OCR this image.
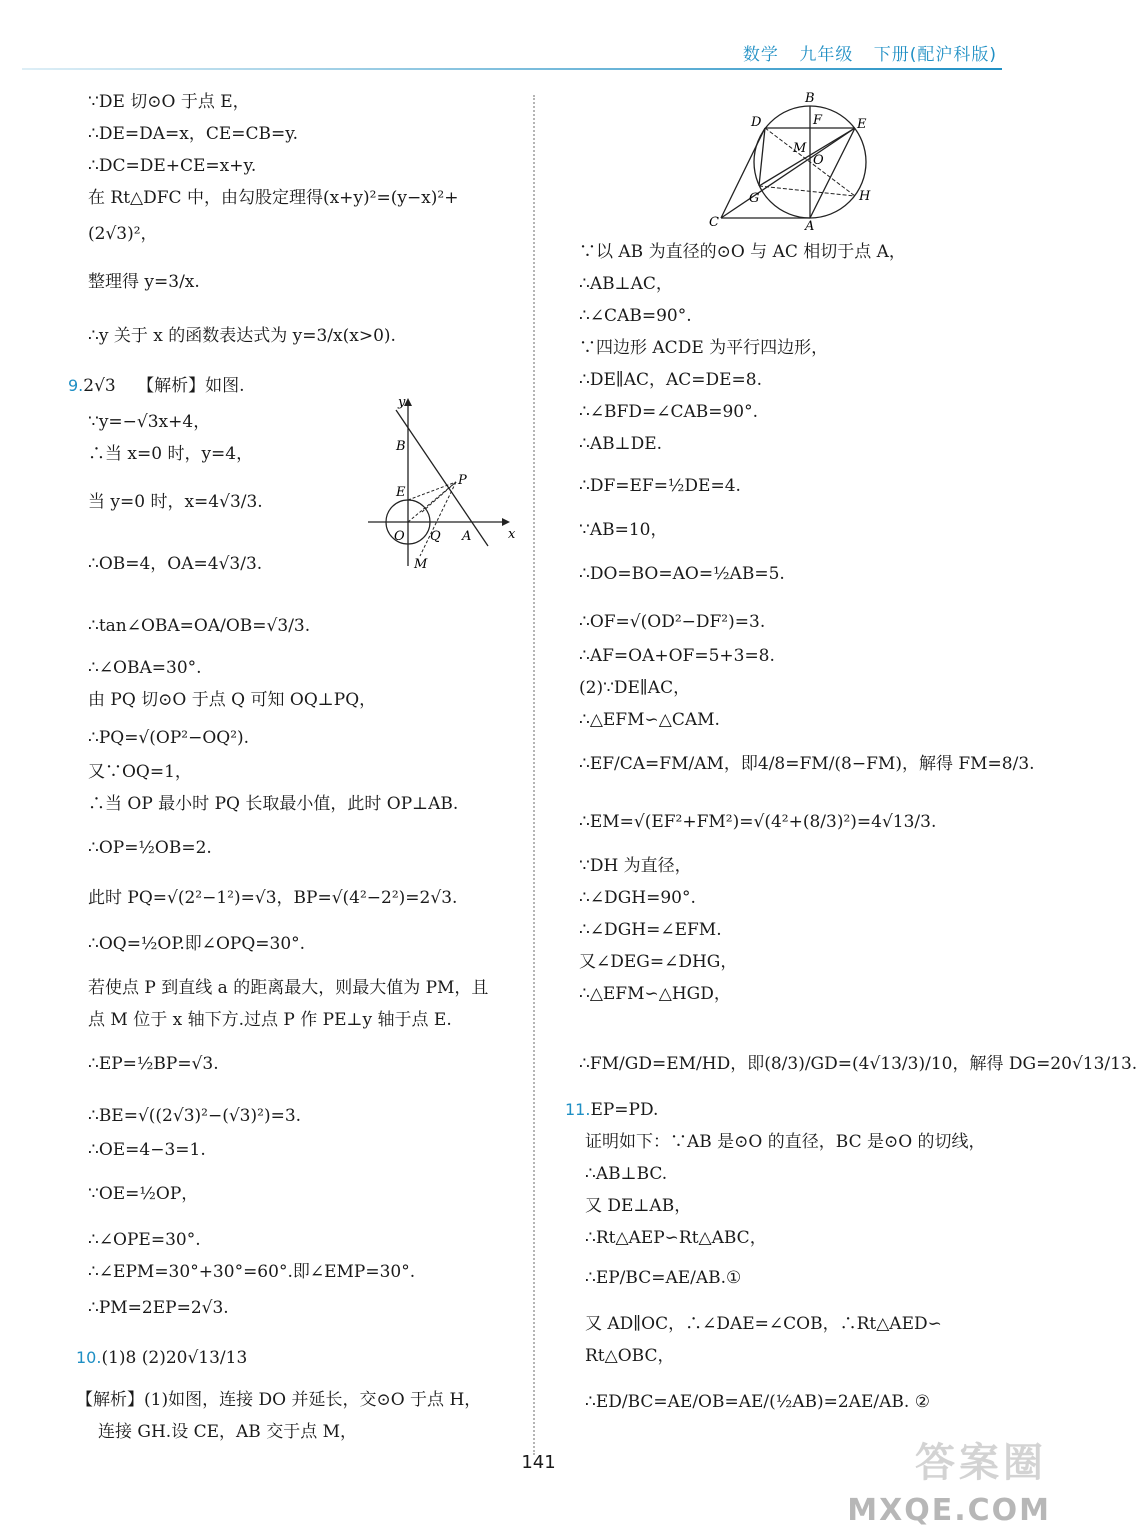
数学 九年级 下册(配沪科版)
∵DE 切⊙O 于点 E，
∴DE=DA=x，CE=CB=y.
∴DC=DE+CE=x+y.
在 Rt△DFC 中，由勾股定理得(x+y)²=(y−x)²+
(2√3)²，
整理得 y=3/x.
∴y 关于 x 的函数表达式为 y=3/x(x>0).
9.2√3 【解析】如图.
∵y=−√3x+4，
∴当 x=0 时，y=4，
当 y=0 时，x=4√3/3.
∴OB=4，OA=4√3/3.
∴tan∠OBA=OA/OB=√3/3.
∴∠OBA=30°.
由 PQ 切⊙O 于点 Q 可知 OQ⊥PQ，
∴PQ=√(OP²−OQ²).
又∵OQ=1，
∴当 OP 最小时 PQ 长取最小值，此时 OP⊥AB.
∴OP=½OB=2.
此时 PQ=√(2²−1²)=√3，BP=√(4²−2²)=2√3.
∴OQ=½OP.即∠OPQ=30°.
若使点 P 到直线 a 的距离最大，则最大值为 PM，且
点 M 位于 x 轴下方.过点 P 作 PE⊥y 轴于点 E.
∴EP=½BP=√3.
∴BE=√((2√3)²−(√3)²)=3.
∴OE=4−3=1.
∵OE=½OP，
∴∠OPE=30°.
∴∠EPM=30°+30°=60°.即∠EMP=30°.
∴PM=2EP=2√3.
10.(1)8 (2)20√13/13
【解析】(1)如图，连接 DO 并延长，交⊙O 于点 H，
连接 GH.设 CE，AB 交于点 M，
y
x
B
E
P
O Q A
M
B
D	F	E
M
O
G	H
C	A
∵以 AB 为直径的⊙O 与 AC 相切于点 A，
∴AB⊥AC，
∴∠CAB=90°.
∵四边形 ACDE 为平行四边形，
∴DE∥AC，AC=DE=8.
∴∠BFD=∠CAB=90°.
∴AB⊥DE.
∴DF=EF=½DE=4.
∵AB=10，
∴DO=BO=AO=½AB=5.
∴OF=√(OD²−DF²)=3.
∴AF=OA+OF=5+3=8.
(2)∵DE∥AC，
∴△EFM∽△CAM.
∴EF/CA=FM/AM，即4/8=FM/(8−FM)，解得 FM=8/3.
∴EM=√(EF²+FM²)=√(4²+(8/3)²)=4√13/3.
∵DH 为直径，
∴∠DGH=90°.
∴∠DGH=∠EFM.
又∠DEG=∠DHG，
∴△EFM∽△HGD，
∴FM/GD=EM/HD，即(8/3)/GD=(4√13/3)/10，解得 DG=20√13/13.
11.EP=PD.
证明如下：∵AB 是⊙O 的直径，BC 是⊙O 的切线，
∴AB⊥BC.
又 DE⊥AB，
∴Rt△AEP∽Rt△ABC，
∴EP/BC=AE/AB.①
又 AD∥OC，∴∠DAE=∠COB，∴Rt△AED∽
Rt△OBC，
∴ED/BC=AE/OB=AE/(½AB)=2AE/AB. ②
141	答案圈
MXQE.COM
